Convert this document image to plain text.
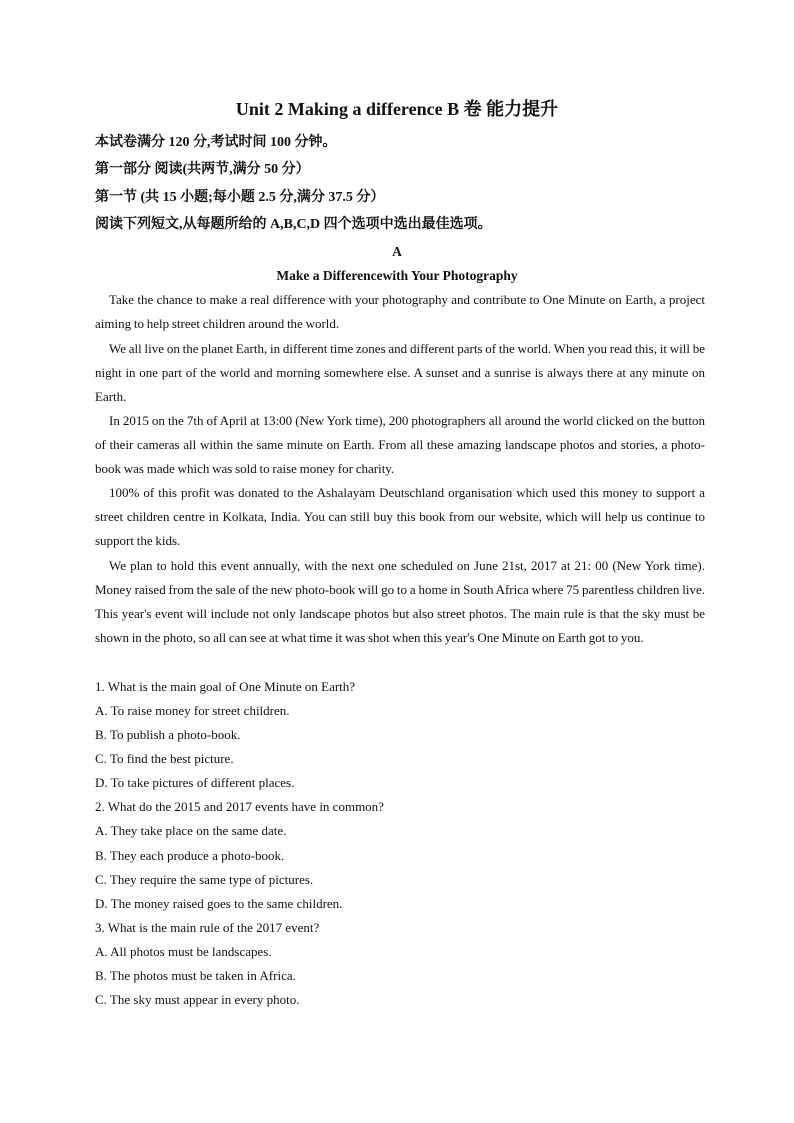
Unit 2 Making a difference B 卷 能力提升
本试卷满分 120 分,考试时间 100 分钟。
第一部分 阅读(共两节,满分 50 分）
第一节 (共 15 小题;每小题 2.5 分,满分 37.5 分）
阅读下列短文,从每题所给的 A,B,C,D 四个选项中选出最佳选项。
A
Make a Differencewith Your Photography
Take the chance to make a real difference with your photography and contribute to One Minute on Earth, a project aiming to help street children around the world.
We all live on the planet Earth, in different time zones and different parts of the world. When you read this, it will be night in one part of the world and morning somewhere else. A sunset and a sunrise is always there at any minute on Earth.
In 2015 on the 7th of April at 13:00 (New York time), 200 photographers all around the world clicked on the button of their cameras all within the same minute on Earth. From all these amazing landscape photos and stories, a photo-book was made which was sold to raise money for charity.
100% of this profit was donated to the Ashalayam Deutschland organisation which used this money to support a street children centre in Kolkata, India. You can still buy this book from our website, which will help us continue to support the kids.
We plan to hold this event annually, with the next one scheduled on June 21st, 2017 at 21: 00 (New York time). Money raised from the sale of the new photo-book will go to a home in South Africa where 75 parentless children live. This year's event will include not only landscape photos but also street photos. The main rule is that the sky must be shown in the photo, so all can see at what time it was shot when this year's One Minute on Earth got to you.
1. What is the main goal of One Minute on Earth?
A. To raise money for street children.
B. To publish a photo-book.
C. To find the best picture.
D. To take pictures of different places.
2. What do the 2015 and 2017 events have in common?
A. They take place on the same date.
B. They each produce a photo-book.
C. They require the same type of pictures.
D. The money raised goes to the same children.
3. What is the main rule of the 2017 event?
A. All photos must be landscapes.
B. The photos must be taken in Africa.
C. The sky must appear in every photo.
